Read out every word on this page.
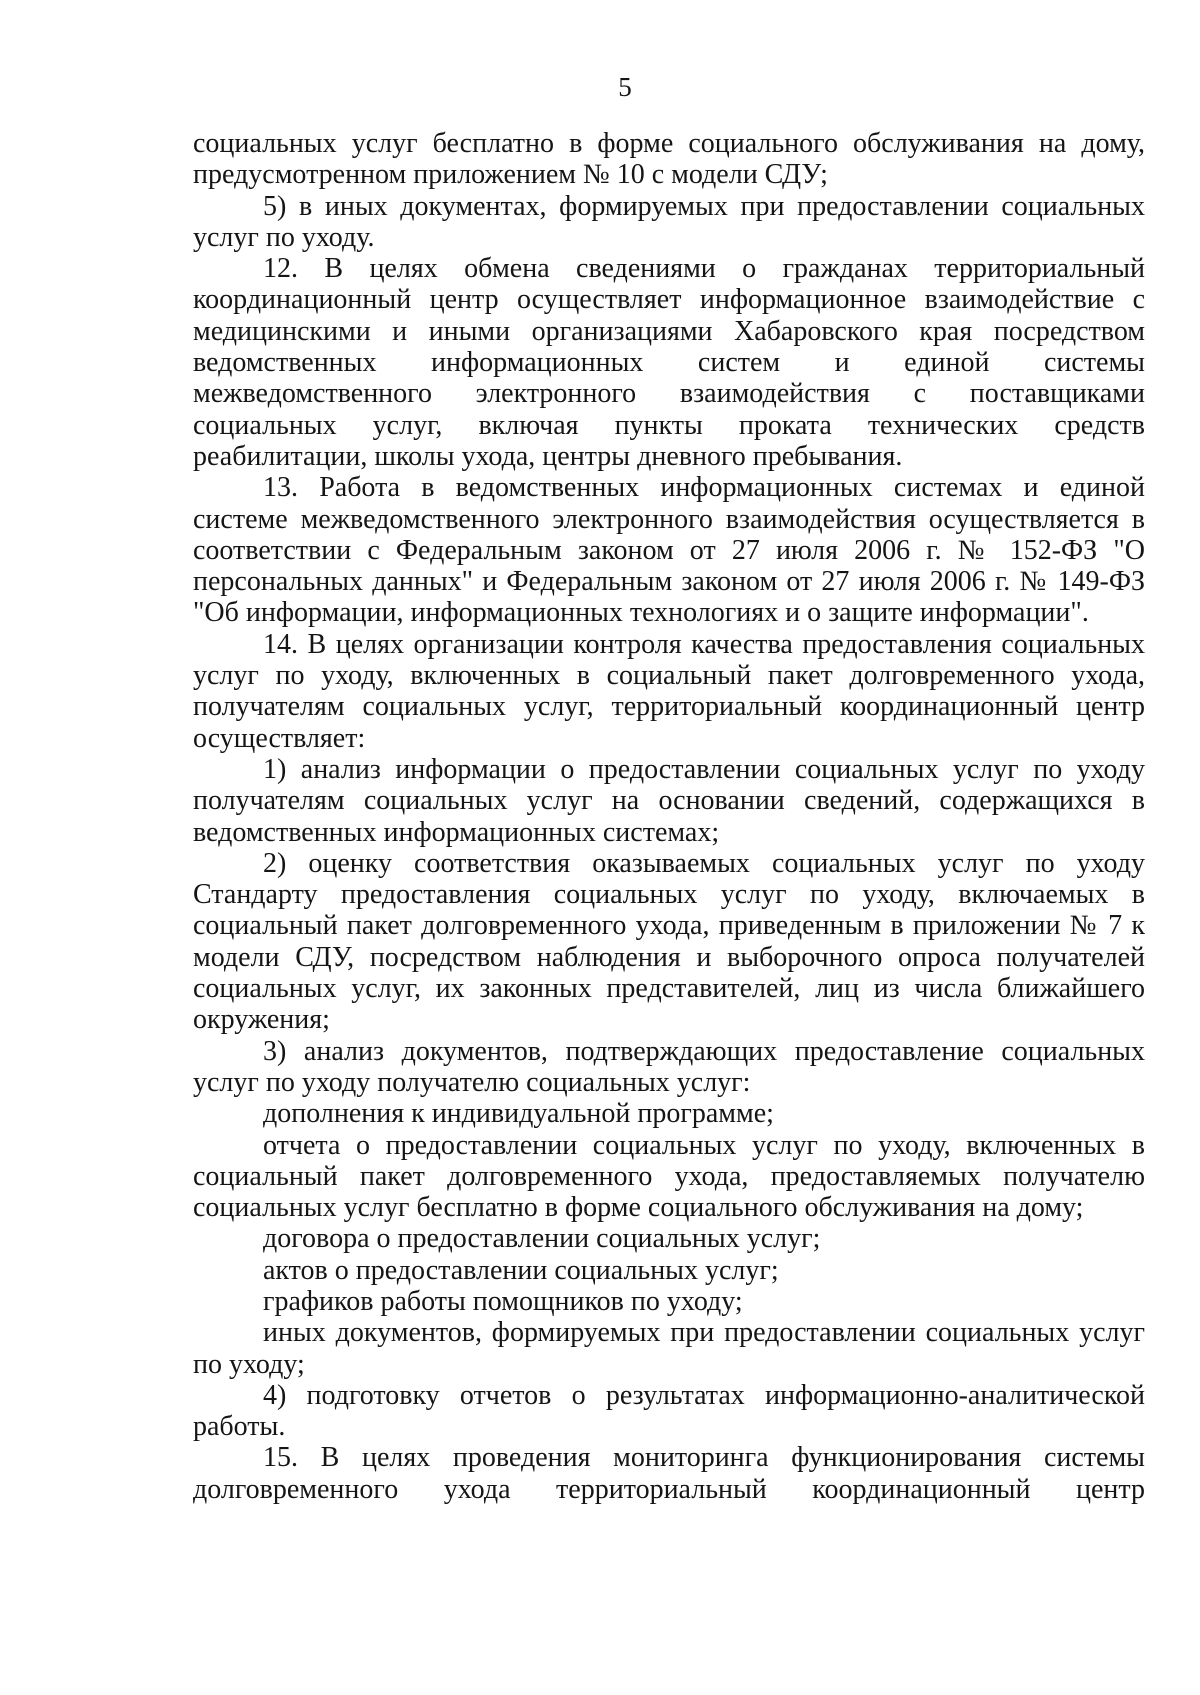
5

социальных услуг бесплатно в форме социального обслуживания на дому, предусмотренном приложением № 10 с модели СДУ;

5) в иных документах, формируемых при предоставлении социальных услуг по уходу.

12. В целях обмена сведениями о гражданах территориальный координационный центр осуществляет информационное взаимодействие с медицинскими и иными организациями Хабаровского края посредством ведомственных информационных систем и единой системы межведомственного электронного взаимодействия с поставщиками социальных услуг, включая пункты проката технических средств реабилитации, школы ухода, центры дневного пребывания.

13. Работа в ведомственных информационных системах и единой системе межведомственного электронного взаимодействия осуществляется в соответствии с Федеральным законом от 27 июля 2006 г. № 152-ФЗ "О персональных данных" и Федеральным законом от 27 июля 2006 г. № 149-ФЗ "Об информации, информационных технологиях и о защите информации".

14. В целях организации контроля качества предоставления социальных услуг по уходу, включенных в социальный пакет долговременного ухода, получателям социальных услуг, территориальный координационный центр осуществляет:

1) анализ информации о предоставлении социальных услуг по уходу получателям социальных услуг на основании сведений, содержащихся в ведомственных информационных системах;

2) оценку соответствия оказываемых социальных услуг по уходу Стандарту предоставления социальных услуг по уходу, включаемых в социальный пакет долговременного ухода, приведенным в приложении № 7 к модели СДУ, посредством наблюдения и выборочного опроса получателей социальных услуг, их законных представителей, лиц из числа ближайшего окружения;

3) анализ документов, подтверждающих предоставление социальных услуг по уходу получателю социальных услуг:

дополнения к индивидуальной программе;

отчета о предоставлении социальных услуг по уходу, включенных в социальный пакет долговременного ухода, предоставляемых получателю социальных услуг бесплатно в форме социального обслуживания на дому;

договора о предоставлении социальных услуг;

актов о предоставлении социальных услуг;

графиков работы помощников по уходу;

иных документов, формируемых при предоставлении социальных услуг по уходу;

4) подготовку отчетов о результатах информационно-аналитической работы.

15. В целях проведения мониторинга функционирования системы долговременного ухода территориальный координационный центр
